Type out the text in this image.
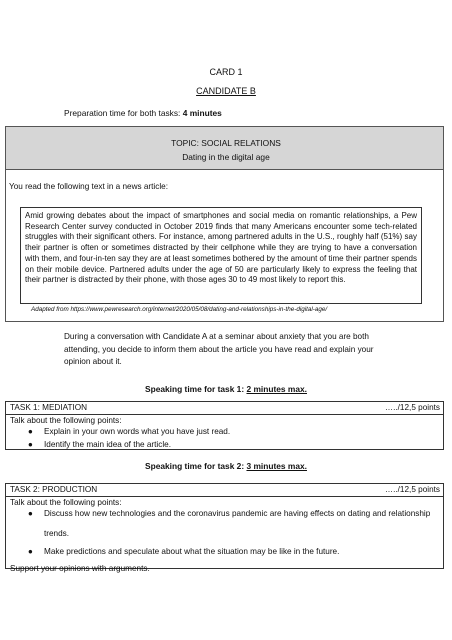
CARD 1
CANDIDATE B
Preparation time for both tasks: 4 minutes
TOPIC: SOCIAL RELATIONS
Dating in the digital age
You read the following text in a news article:
Amid growing debates about the impact of smartphones and social media on romantic relationships, a Pew Research Center survey conducted in October 2019 finds that many Americans encounter some tech-related struggles with their significant others. For instance, among partnered adults in the U.S., roughly half (51%) say their partner is often or sometimes distracted by their cellphone while they are trying to have a conversation with them, and four-in-ten say they are at least sometimes bothered by the amount of time their partner spends on their mobile device. Partnered adults under the age of 50 are particularly likely to express the feeling that their partner is distracted by their phone, with those ages 30 to 49 most likely to report this.
Adapted from https://www.pewresearch.org/internet/2020/05/08/dating-and-relationships-in-the-digital-age/
During a conversation with Candidate A at a seminar about anxiety that you are both attending, you decide to inform them about the article you have read and explain your opinion about it.
Speaking time for task 1: 2 minutes max.
TASK 1: MEDIATION	…../12,5 points
Talk about the following points:
● Explain in your own words what you have just read.
● Identify the main idea of the article.
Speaking time for task 2: 3 minutes max.
TASK 2: PRODUCTION	…../12,5 points
Talk about the following points:
● Discuss how new technologies and the coronavirus pandemic are having effects on dating and relationship trends.
● Make predictions and speculate about what the situation may be like in the future.
Support your opinions with arguments.
